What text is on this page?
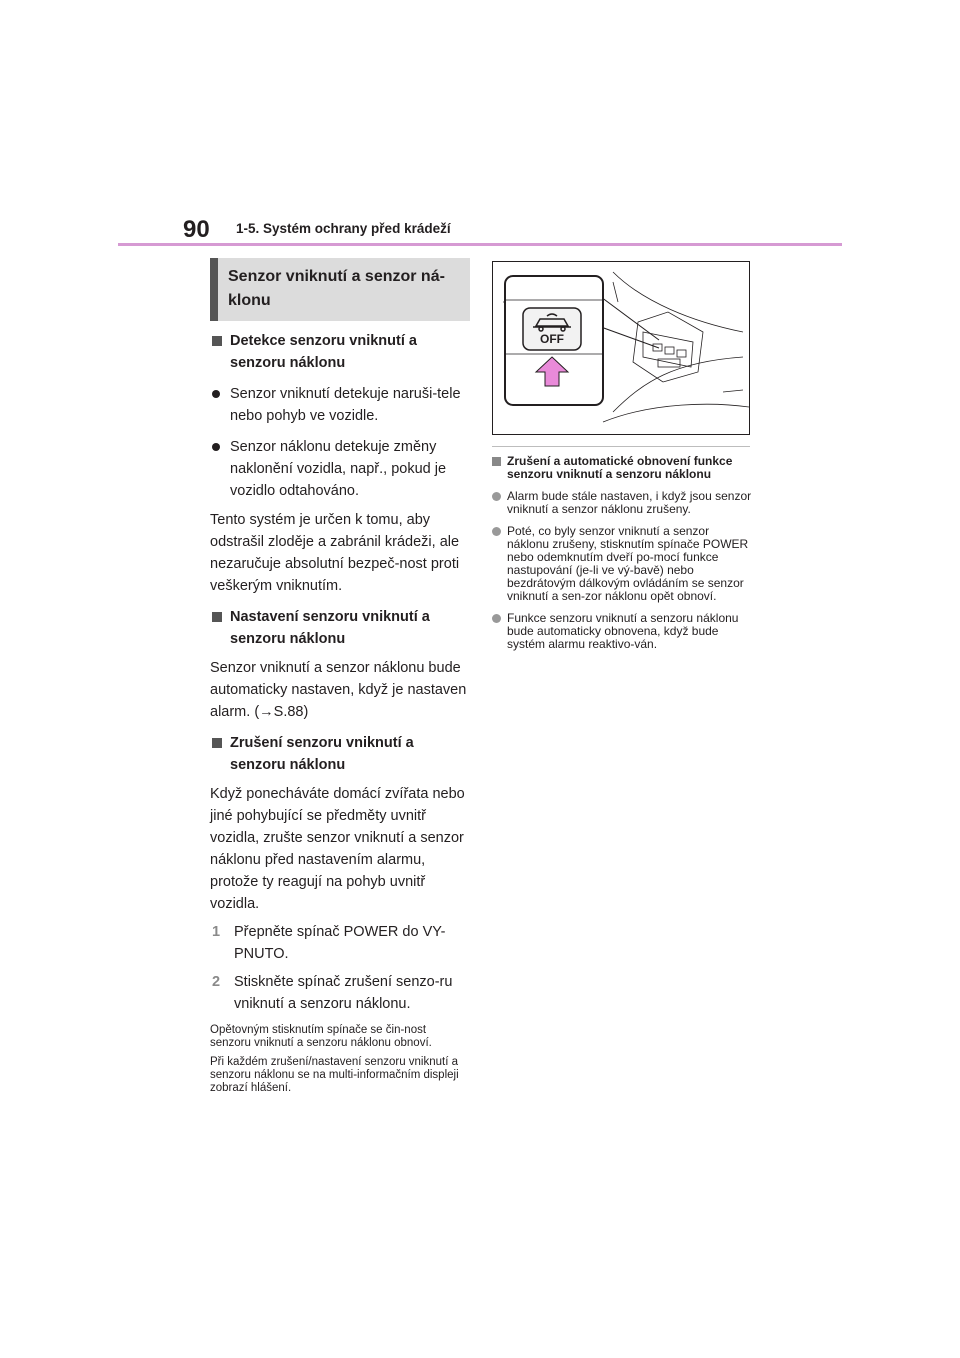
90 1-5. Systém ochrany před krádeží
Senzor vniknutí a senzor ná-klonu
Detekce senzoru vniknutí a senzoru náklonu
Senzor vniknutí detekuje naruši-tele nebo pohyb ve vozidle.
Senzor náklonu detekuje změny naklonění vozidla, např., pokud je vozidlo odtahováno.
Tento systém je určen k tomu, aby odstrašil zloděje a zabránil krádeži, ale nezaručuje absolutní bezpeč-nost proti veškerým vniknutím.
Nastavení senzoru vniknutí a senzoru náklonu
Senzor vniknutí a senzor náklonu bude automaticky nastaven, když je nastaven alarm. (→S.88)
Zrušení senzoru vniknutí a senzoru náklonu
Když ponecháváte domácí zvířata nebo jiné pohybující se předměty uvnitř vozidla, zrušte senzor vniknutí a senzor náklonu před nastavením alarmu, protože ty reagují na pohyb uvnitř vozidla.
1 Přepněte spínač POWER do VY-PNUTO.
2 Stiskněte spínač zrušení senzo-ru vniknutí a senzoru náklonu.
Opětovným stisknutím spínače se čin-nost senzoru vniknutí a senzoru náklonu obnoví.
Při každém zrušení/nastavení senzoru vniknutí a senzoru náklonu se na multi-informačním displeji zobrazí hlášení.
OFF
Zrušení a automatické obnovení funkce senzoru vniknutí a senzoru náklonu
Alarm bude stále nastaven, i když jsou senzor vniknutí a senzor náklonu zrušeny.
Poté, co byly senzor vniknutí a senzor náklonu zrušeny, stisknutím spínače POWER nebo odemknutím dveří po-mocí funkce nastupování (je-li ve vý-bavě) nebo bezdrátovým dálkovým ovládáním se senzor vniknutí a sen-zor náklonu opět obnoví.
Funkce senzoru vniknutí a senzoru náklonu bude automaticky obnovena, když bude systém alarmu reaktivo-ván.
